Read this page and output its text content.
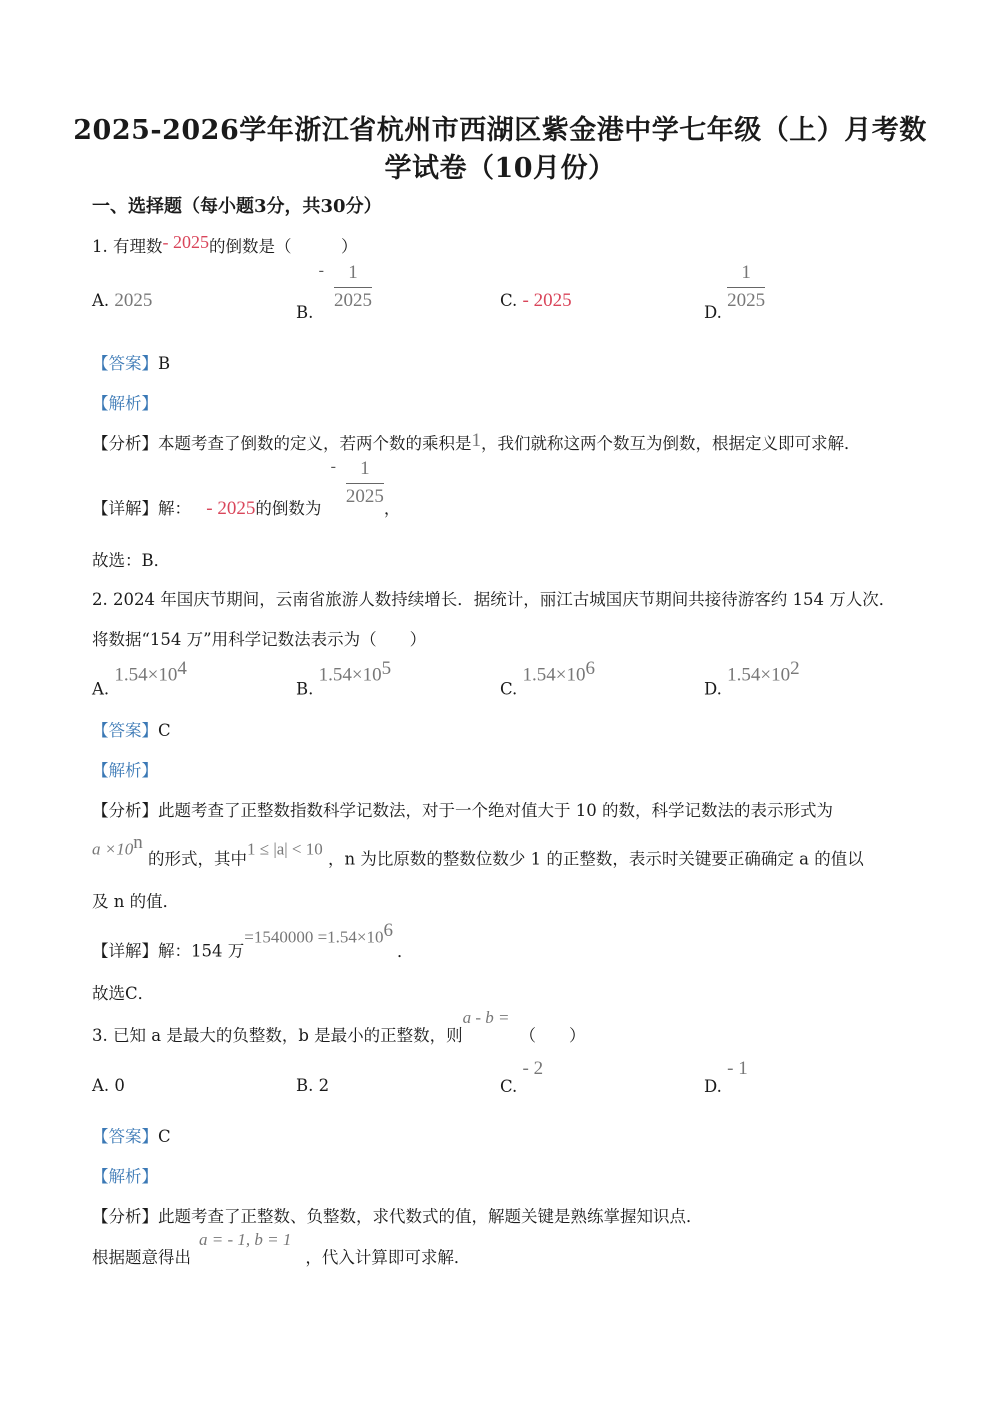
2025-2026学年浙江省杭州市西湖区紫金港中学七年级（上）月考数
学试卷（10月份）
一、选择题（每小题3分，共30分）
1. 有理数- 2025的倒数是（　　　）
A. 2025
B. - $\frac{1}{2025}$	C. - 2025
D. $\frac{1}{2025}$
【答案】B
【解析】
【分析】本题考查了倒数的定义，若两个数的乘积是1，我们就称这两个数互为倒数，根据定义即可求解．
【详解】解： - 2025的倒数为 - $\frac{1}{2025}$ ，
故选：B．
2. 2024 年国庆节期间，云南省旅游人数持续增长．据统计，丽江古城国庆节期间共接待游客约 154 万人次．
将数据“154 万”用科学记数法表示为（　　）
A. $1.54\times 10^4$
B. $1.54\times 10^5$
C. $1.54\times 10^6$
D. $1.54\times 10^2$
【答案】C
【解析】
【分析】此题考查了正整数指数科学记数法，对于一个绝对值大于 10 的数，科学记数法的表示形式为
$a \times 10^n$ 的形式，其中1 ≤ |a| < 10 ，n 为比原数的整数位数少 1 的正整数，表示时关键要正确确定 a 的值以
及 n 的值．
【详解】解：154 万$=1540000 =1.54\times 10^6$．
故选C．
3. 已知 a 是最大的负整数，b 是最小的正整数，则a - b =（　　）
A. 0	B. 2	C. - 2
D. - 1
【答案】C
【解析】
【分析】此题考查了正整数、负整数，求代数式的值，解题关键是熟练掌握知识点．
根据题意得出a = - 1, b = 1，代入计算即可求解．
